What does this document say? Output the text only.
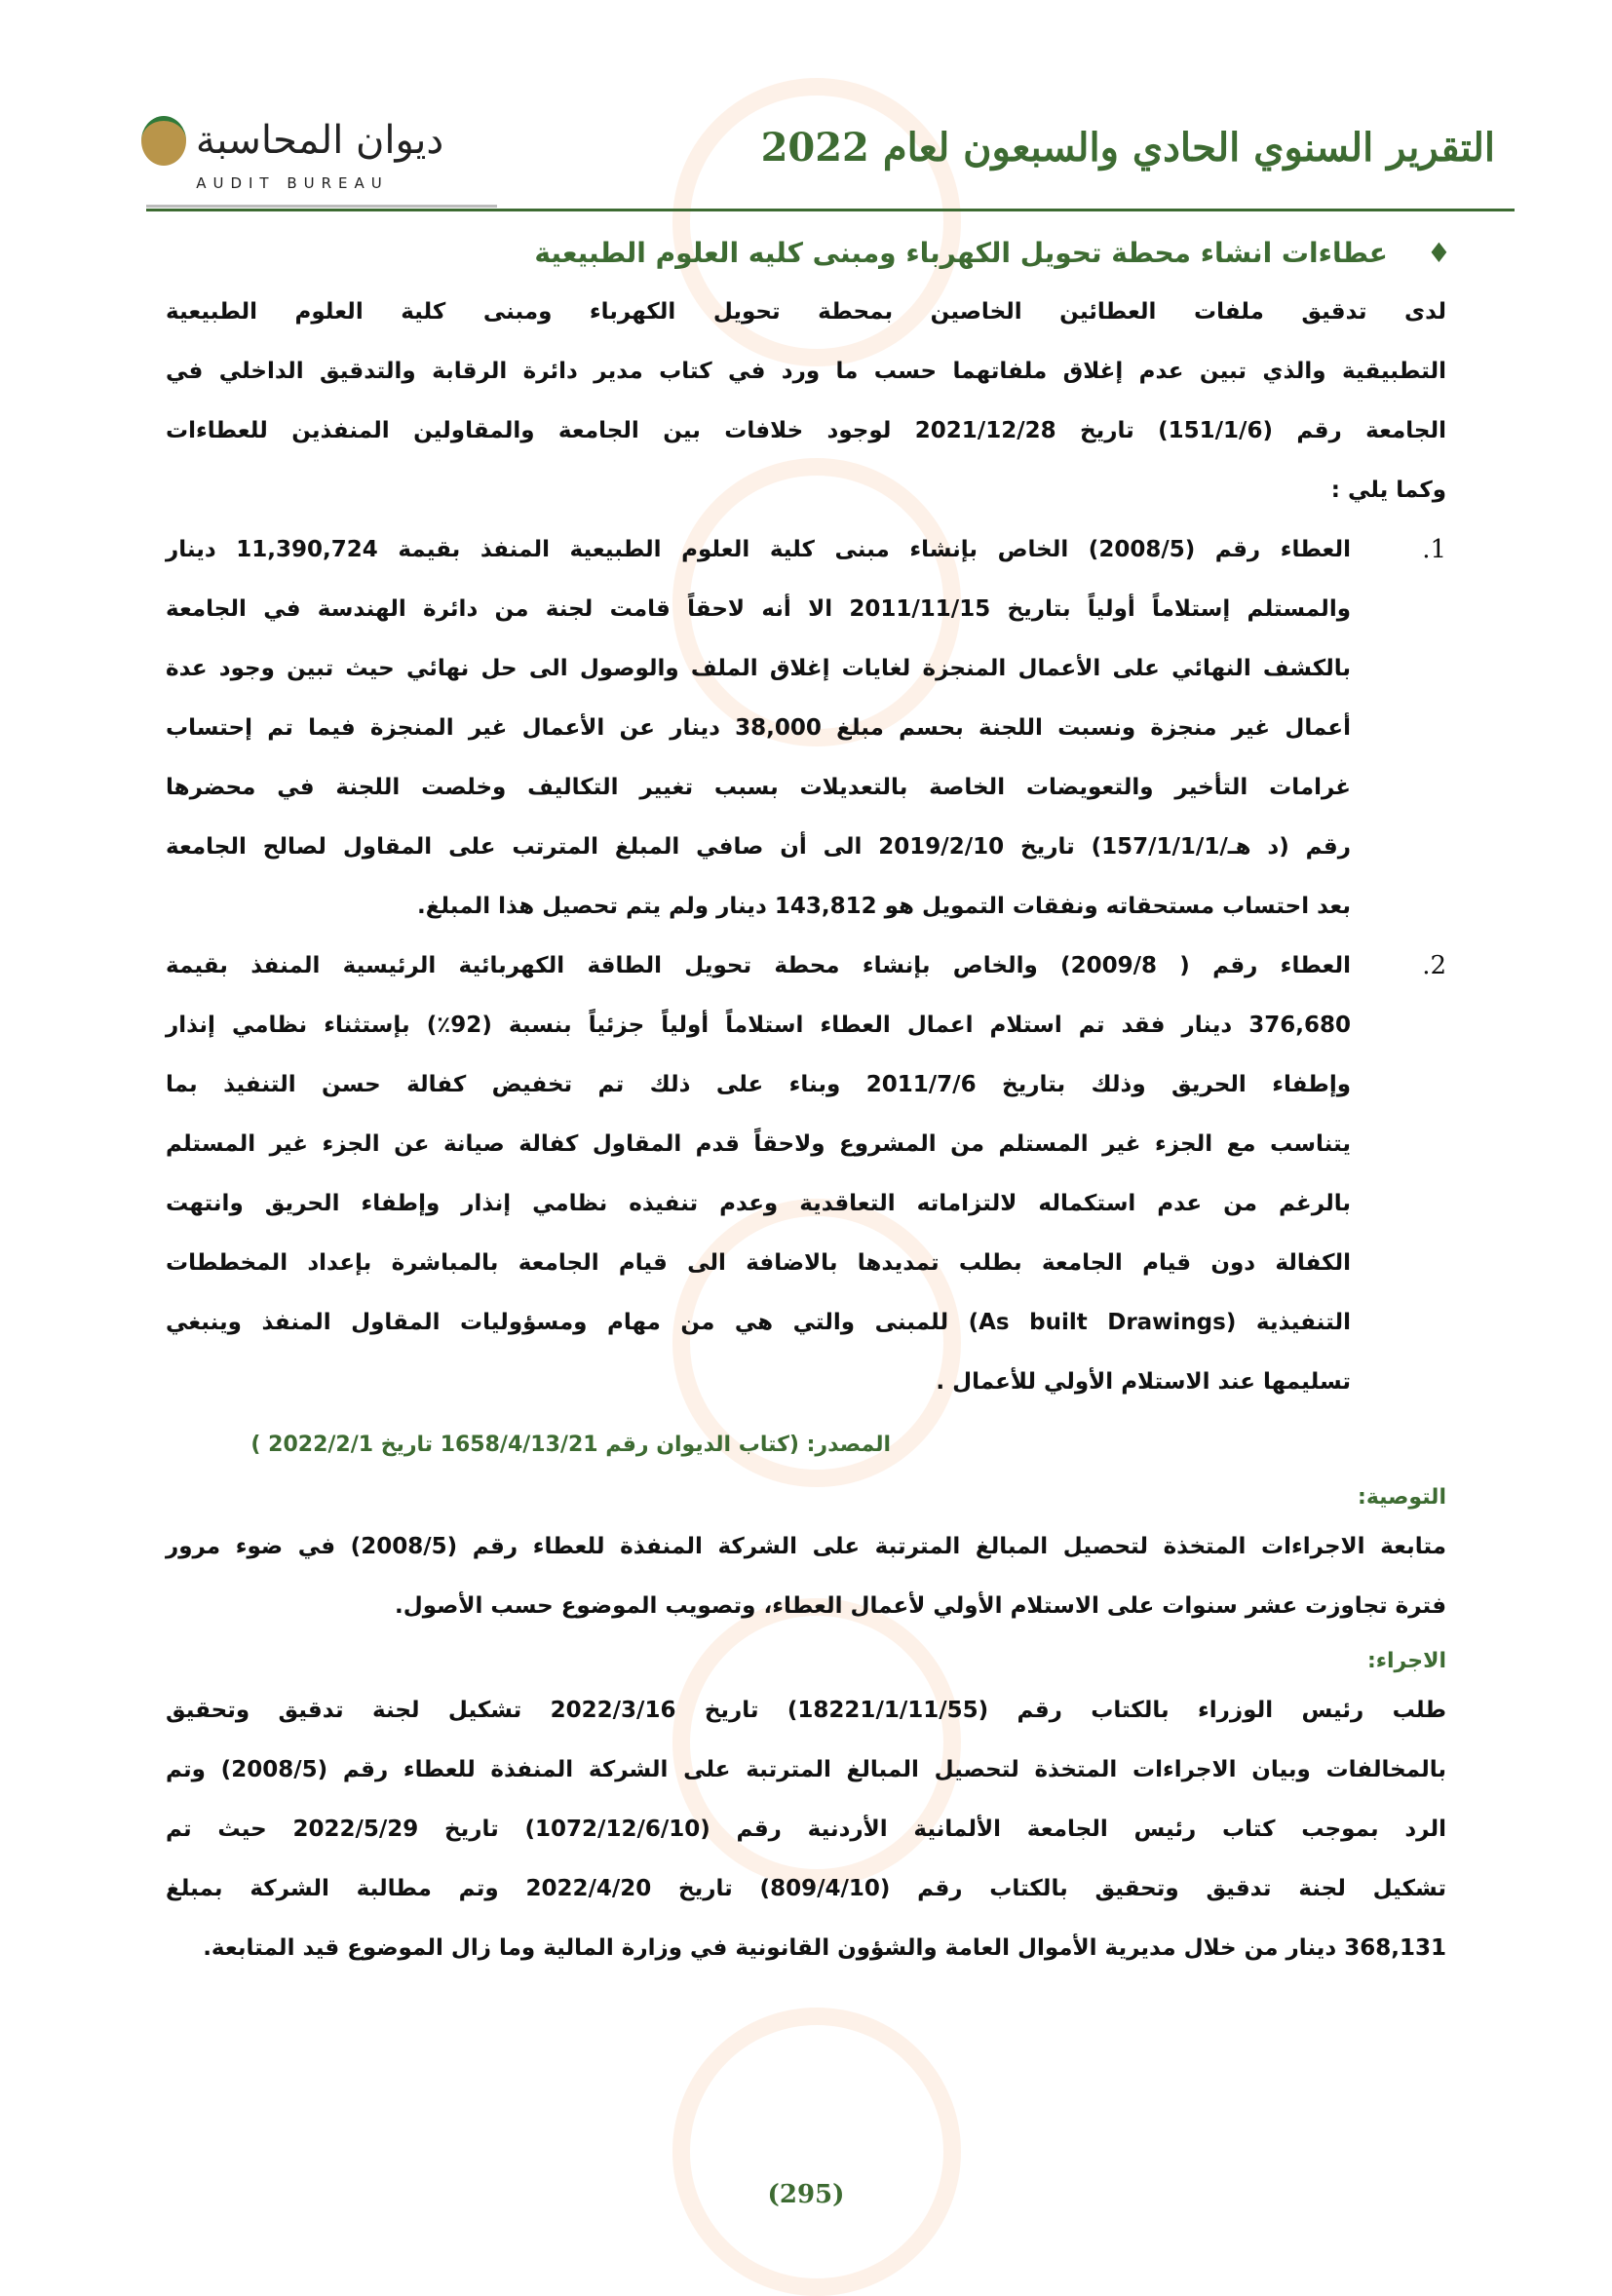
ديوان المحاسبة
AUDIT BUREAU
التقرير السنوي الحادي والسبعون لعام 2022
♦
عطاءات انشاء محطة تحويل الكهرباء ومبنى كليه العلوم الطبيعية
لدى تدقيق ملفات العطائين الخاصين بمحطة تحويل الكهرباء ومبنى كلية العلوم الطبيعية
التطبيقية والذي تبين عدم إغلاق ملفاتهما حسب ما ورد في كتاب مدير دائرة الرقابة والتدقيق الداخلي في
الجامعة رقم (151/1/6) تاريخ 2021/12/28 لوجود خلافات بين الجامعة والمقاولين المنفذين للعطاءات
وكما يلي :
1.
العطاء رقم (2008/5) الخاص بإنشاء مبنى كلية العلوم الطبيعية المنفذ بقيمة 11,390,724 دينار
والمستلم إستلاماً أولياً بتاريخ 2011/11/15 الا أنه لاحقاً قامت لجنة من دائرة الهندسة في الجامعة
بالكشف النهائي على الأعمال المنجزة لغايات إغلاق الملف والوصول الى حل نهائي حيث تبين وجود عدة
أعمال غير منجزة ونسبت اللجنة بحسم مبلغ 38,000 دينار عن الأعمال غير المنجزة فيما تم إحتساب
غرامات التأخير والتعويضات الخاصة بالتعديلات بسبب تغيير التكاليف وخلصت اللجنة في محضرها
رقم (د هـ/157/1/1/1) تاريخ 2019/2/10 الى أن صافي المبلغ المترتب على المقاول لصالح الجامعة
بعد احتساب مستحقاته ونفقات التمويل هو 143,812 دينار ولم يتم تحصيل هذا المبلغ.
2.
العطاء رقم ( 2009/8) والخاص بإنشاء محطة تحويل الطاقة الكهربائية الرئيسية المنفذ بقيمة
376,680 دينار فقد تم استلام اعمال العطاء استلاماً أولياً جزئياً بنسبة (92٪) بإستثناء نظامي إنذار
وإطفاء الحريق وذلك بتاريخ 2011/7/6 وبناء على ذلك تم تخفيض كفالة حسن التنفيذ بما
يتناسب مع الجزء غير المستلم من المشروع ولاحقاً قدم المقاول كفالة صيانة عن الجزء غير المستلم
بالرغم من عدم استكماله لالتزاماته التعاقدية وعدم تنفيذه نظامي إنذار وإطفاء الحريق وانتهت
الكفالة دون قيام الجامعة بطلب تمديدها بالاضافة الى قيام الجامعة بالمباشرة بإعداد المخططات
التنفيذية (As built Drawings) للمبنى والتي هي من مهام ومسؤوليات المقاول المنفذ وينبغي
تسليمها عند الاستلام الأولي للأعمال .
المصدر: (كتاب الديوان رقم 1658/4/13/21 تاريخ 2022/2/1 )
التوصية:
متابعة الاجراءات المتخذة لتحصيل المبالغ المترتبة على الشركة المنفذة للعطاء رقم (2008/5) في ضوء مرور
فترة تجاوزت عشر سنوات على الاستلام الأولي لأعمال العطاء، وتصويب الموضوع حسب الأصول.
الاجراء:
طلب رئيس الوزراء بالكتاب رقم (18221/1/11/55) تاريخ 2022/3/16 تشكيل لجنة تدقيق وتحقيق
بالمخالفات وبيان الاجراءات المتخذة لتحصيل المبالغ المترتبة على الشركة المنفذة للعطاء رقم (2008/5) وتم
الرد بموجب كتاب رئيس الجامعة الألمانية الأردنية رقم (1072/12/6/10) تاريخ 2022/5/29 حيث تم
تشكيل لجنة تدقيق وتحقيق بالكتاب رقم (809/4/10) تاريخ 2022/4/20 وتم مطالبة الشركة بمبلغ
368,131 دينار من خلال مديرية الأموال العامة والشؤون القانونية في وزارة المالية وما زال الموضوع قيد المتابعة.
(295)
